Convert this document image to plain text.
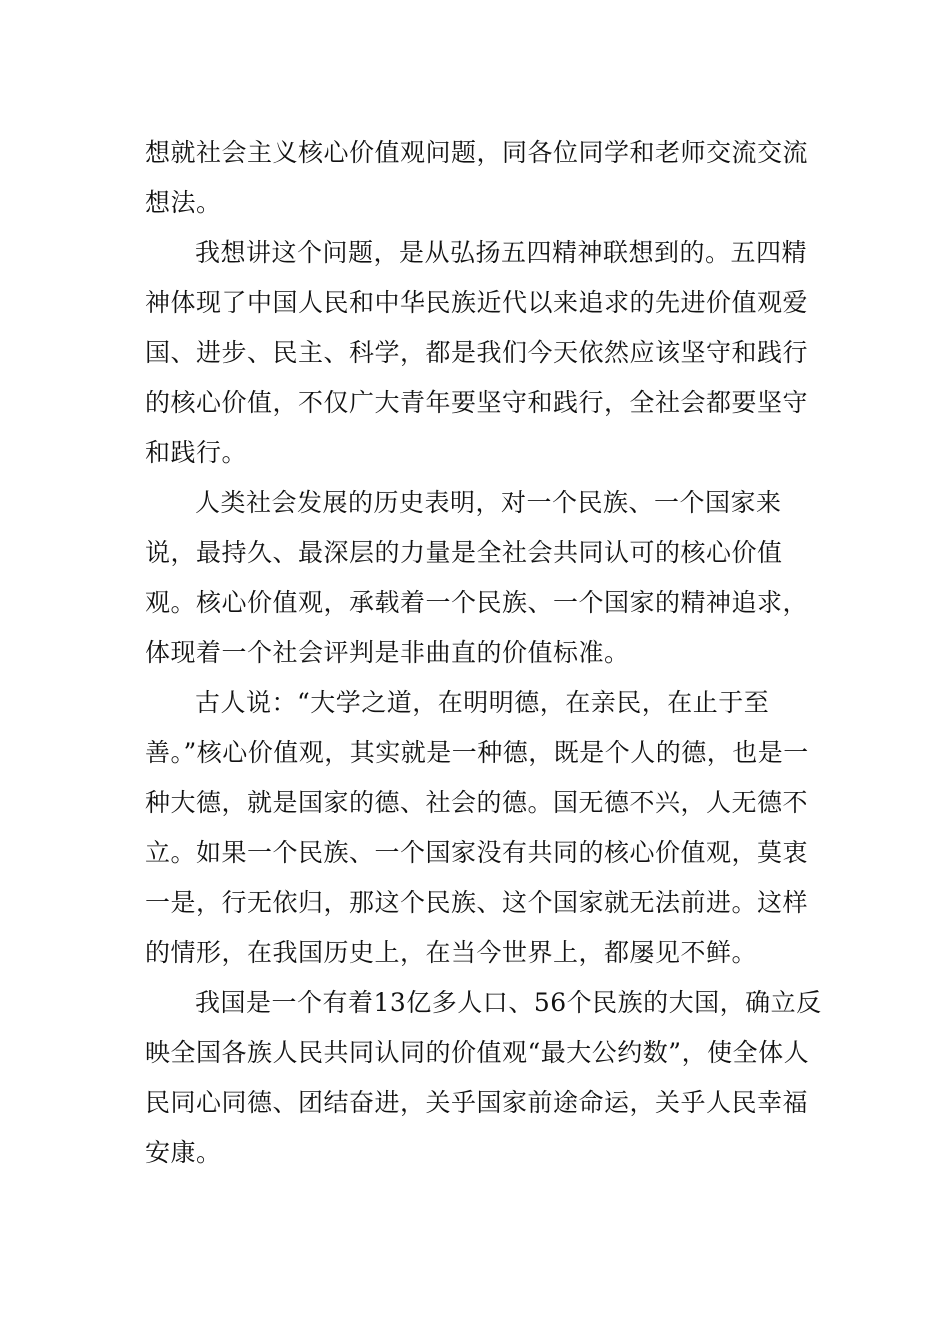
想就社会主义核心价值观问题，同各位同学和老师交流交流想法。

我想讲这个问题，是从弘扬五四精神联想到的。五四精神体现了中国人民和中华民族近代以来追求的先进价值观爱国、进步、民主、科学，都是我们今天依然应该坚守和践行的核心价值，不仅广大青年要坚守和践行，全社会都要坚守和践行。

人类社会发展的历史表明，对一个民族、一个国家来说，最持久、最深层的力量是全社会共同认可的核心价值观。核心价值观，承载着一个民族、一个国家的精神追求，体现着一个社会评判是非曲直的价值标准。

古人说：“大学之道，在明明德，在亲民，在止于至善。”核心价值观，其实就是一种德，既是个人的德，也是一种大德，就是国家的德、社会的德。国无德不兴，人无德不立。如果一个民族、一个国家没有共同的核心价值观，莫衷一是，行无依归，那这个民族、这个国家就无法前进。这样的情形，在我国历史上，在当今世界上，都屡见不鲜。

我国是一个有着13亿多人口、56个民族的大国，确立反映全国各族人民共同认同的价值观“最大公约数”，使全体人民同心同德、团结奋进，关乎国家前途命运，关乎人民幸福安康。
